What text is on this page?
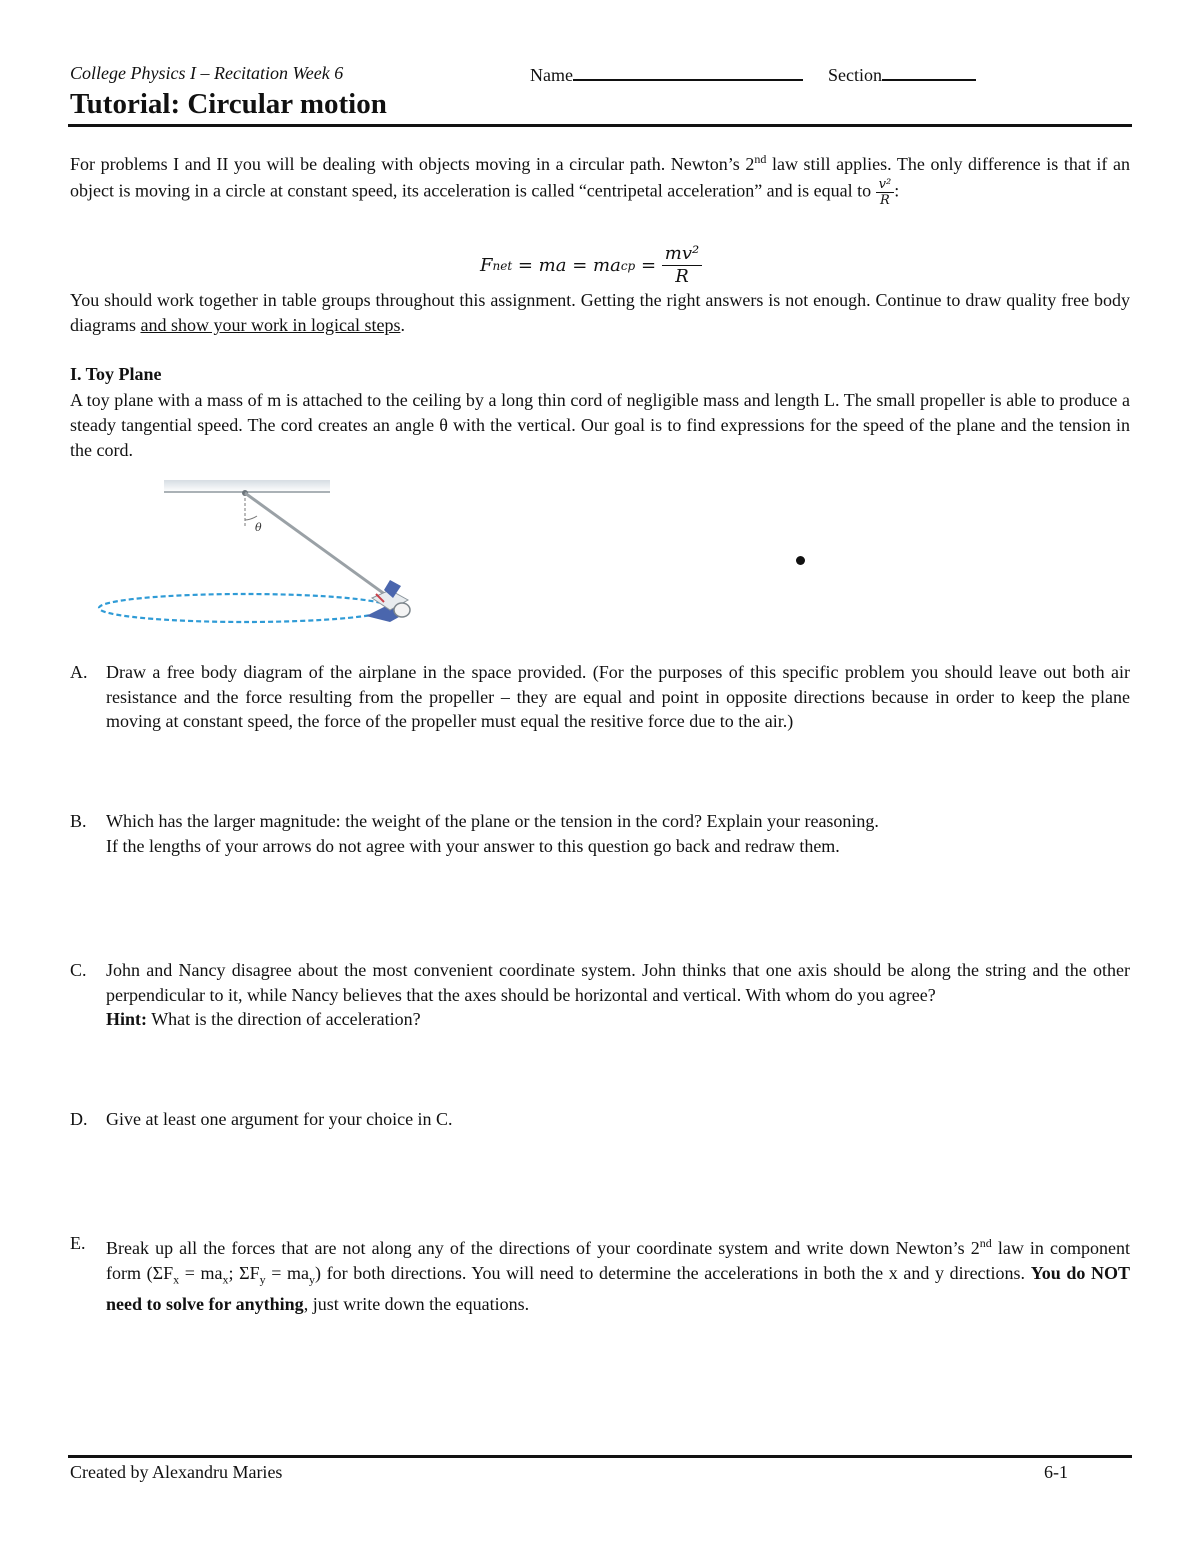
College Physics I – Recitation Week 6	Name	Section
Tutorial: Circular motion

For problems I and II you will be dealing with objects moving in a circular path. Newton’s 2nd law still applies. The only difference is that if an object is moving in a circle at constant speed, its acceleration is called “centripetal acceleration” and is equal to $\frac{\text{v²}}{R}$ :

F net = ma = ma cp = $\frac{\text{mv²}}{R}$

You should work together in table groups throughout this assignment. Getting the right answers is not enough. Continue to draw quality free body diagrams and show your work in logical steps.

I. Toy Plane

A toy plane with a mass of m is attached to the ceiling by a long thin cord of negligible mass and length L. The small propeller is able to produce a steady tangential speed. The cord creates an angle θ with the vertical. Our goal is to find expressions for the speed of the plane and the tension in the cord.

θ
A. Draw a free body diagram of the airplane in the space provided. (For the purposes of this specific problem you should leave out both air resistance and the force resulting from the propeller – they are equal and point in opposite directions because in order to keep the plane moving at constant speed, the force of the propeller must equal the resitive force due to the air.)

B. Which has the larger magnitude: the weight of the plane or the tension in the cord? Explain your reasoning.

If the lengths of your arrows do not agree with your answer to this question go back and redraw them.

C. John and Nancy disagree about the most convenient coordinate system. John thinks that one axis should be along the string and the other perpendicular to it, while Nancy believes that the axes should be horizontal and vertical. With whom do you agree?

Hint: What is the direction of acceleration?

D. Give at least one argument for your choice in C.

E. Break up all the forces that are not along any of the directions of your coordinate system and write down Newton’s 2nd law in component form ($\Sigma F_x = ma_x$; $\Sigma F_y = ma_y$) for both directions. You will need to determine the accelerations in both the x and y directions. You do NOT need to solve for anything, just write down the equations.

Created by Alexandru Maries	6-1
